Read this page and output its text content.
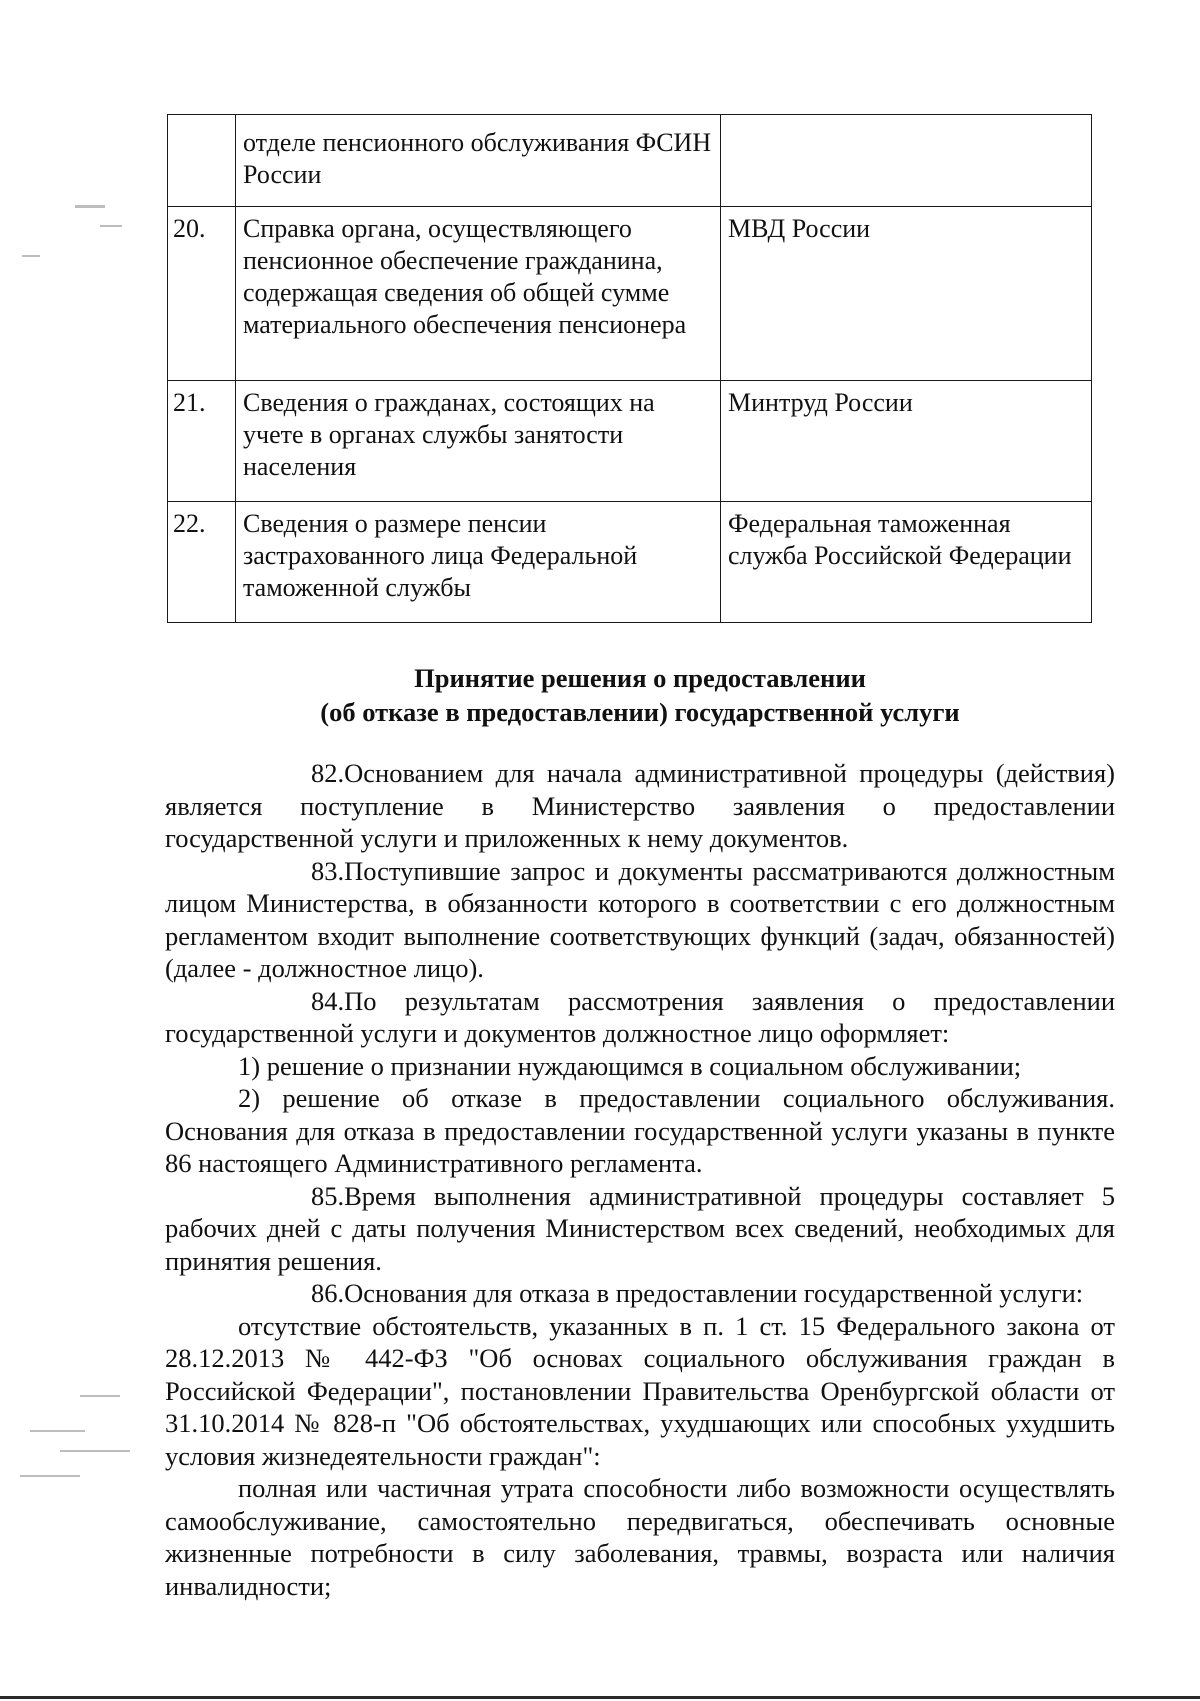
	отделе пенсионного обслуживания ФСИН России	
20.	Справка органа, осуществляющего пенсионное обеспечение гражданина, содержащая сведения об общей сумме материального обеспечения пенсионера	МВД России
21.	Сведения о гражданах, состоящих на учете в органах службы занятости населения	Минтруд России
22.	Сведения о размере пенсии застрахованного лица Федеральной таможенной службы	Федеральная таможенная служба Российской Федерации
Принятие решения о предоставлении
(об отказе в предоставлении) государственной услуги

82.Основанием для начала административной процедуры (действия) является поступление в Министерство заявления о предоставлении государственной услуги и приложенных к нему документов.

83.Поступившие запрос и документы рассматриваются должностным лицом Министерства, в обязанности которого в соответствии с его должностным регламентом входит выполнение соответствующих функций (задач, обязанностей) (далее - должностное лицо).

84.По результатам рассмотрения заявления о предоставлении государственной услуги и документов должностное лицо оформляет:

1) решение о признании нуждающимся в социальном обслуживании;

2) решение об отказе в предоставлении социального обслуживания. Основания для отказа в предоставлении государственной услуги указаны в пункте 86 настоящего Административного регламента.

85.Время выполнения административной процедуры составляет 5 рабочих дней с даты получения Министерством всех сведений, необходимых для принятия решения.

86.Основания для отказа в предоставлении государственной услуги:

отсутствие обстоятельств, указанных в п. 1 ст. 15 Федерального закона от 28.12.2013 № 442-ФЗ "Об основах социального обслуживания граждан в Российской Федерации", постановлении Правительства Оренбургской области от 31.10.2014 № 828-п "Об обстоятельствах, ухудшающих или способных ухудшить условия жизнедеятельности граждан":

полная или частичная утрата способности либо возможности осуществлять самообслуживание, самостоятельно передвигаться, обеспечивать основные жизненные потребности в силу заболевания, травмы, возраста или наличия инвалидности;
